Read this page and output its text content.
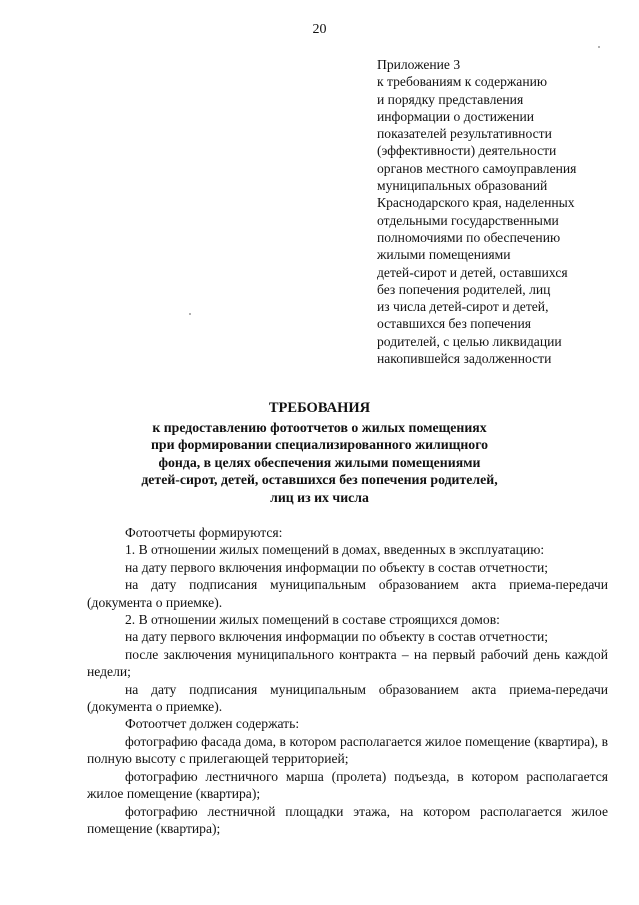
20
Приложение 3
к требованиям к содержанию
и порядку представления
информации о достижении
показателей результативности
(эффективности) деятельности
органов местного самоуправления
муниципальных образований
Краснодарского края, наделенных
отдельными государственными
полномочиями по обеспечению
жилыми помещениями
детей-сирот и детей, оставшихся
без попечения родителей, лиц
из числа детей-сирот и детей,
оставшихся без попечения
родителей, с целью ликвидации
накопившейся задолженности
ТРЕБОВАНИЯ
к предоставлению фотоотчетов о жилых помещениях
при формировании специализированного жилищного
фонда, в целях обеспечения жилыми помещениями
детей-сирот, детей, оставшихся без попечения родителей,
лиц из их числа

Фотоотчеты формируются:

1. В отношении жилых помещений в домах, введенных в эксплуатацию:

на дату первого включения информации по объекту в состав отчетности;

на дату подписания муниципальным образованием акта приема-передачи (документа о приемке).

2. В отношении жилых помещений в составе строящихся домов:

на дату первого включения информации по объекту в состав отчетности;

после заключения муниципального контракта – на первый рабочий день каждой недели;

на дату подписания муниципальным образованием акта приема-передачи (документа о приемке).

Фотоотчет должен содержать:

фотографию фасада дома, в котором располагается жилое помещение (квартира), в полную высоту с прилегающей территорией;

фотографию лестничного марша (пролета) подъезда, в котором располагается жилое помещение (квартира);

фотографию лестничной площадки этажа, на котором располагается жилое помещение (квартира);
